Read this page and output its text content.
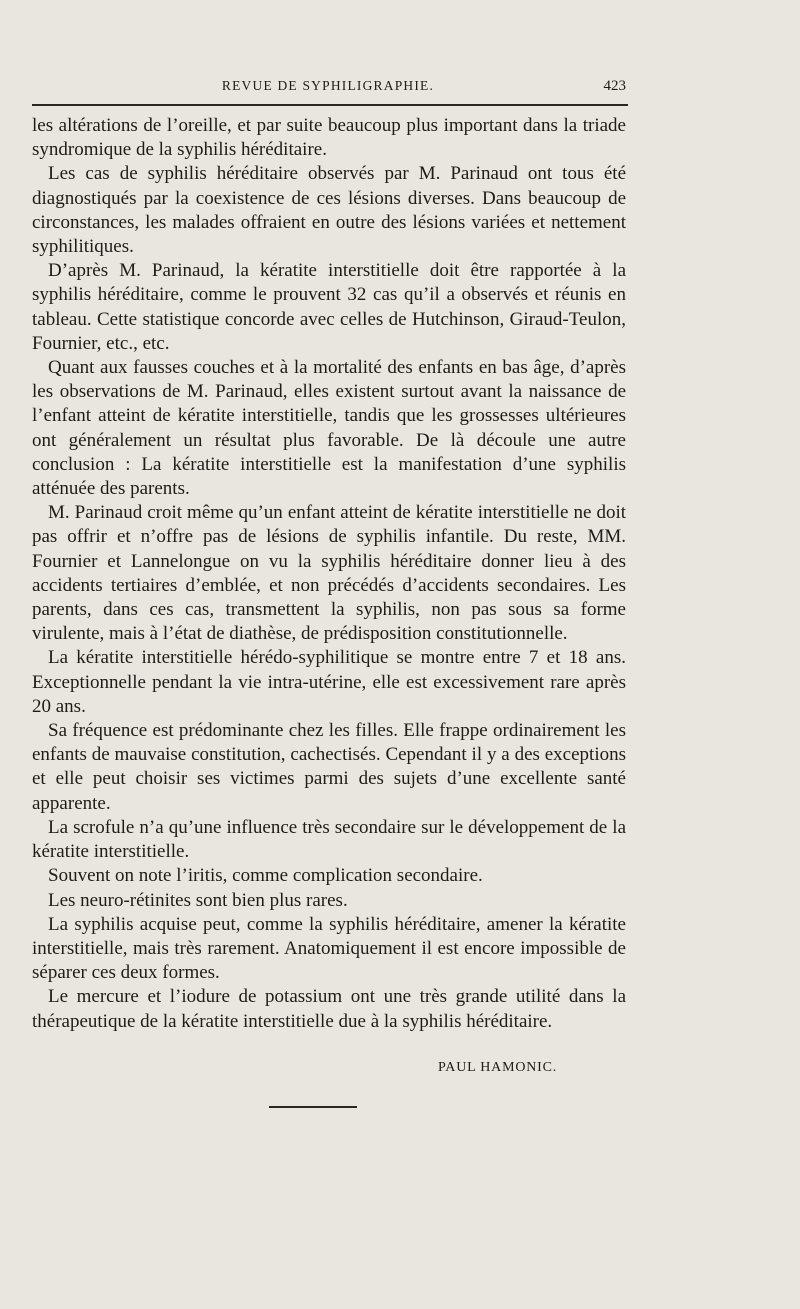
REVUE DE SYPHILIGRAPHIE.	423

les altérations de l’oreille, et par suite beaucoup plus important dans la triade syndromique de la syphilis héréditaire.

Les cas de syphilis héréditaire observés par M. Parinaud ont tous été diagnostiqués par la coexistence de ces lésions diverses. Dans beaucoup de circonstances, les malades offraient en outre des lésions variées et nettement syphilitiques.

D’après M. Parinaud, la kératite interstitielle doit être rapportée à la syphilis héréditaire, comme le prouvent 32 cas qu’il a observés et réunis en tableau. Cette statistique concorde avec celles de Hutchinson, Giraud-Teulon, Fournier, etc., etc.

Quant aux fausses couches et à la mortalité des enfants en bas âge, d’après les observations de M. Parinaud, elles existent surtout avant la naissance de l’enfant atteint de kératite interstitielle, tandis que les grossesses ultérieures ont généralement un résultat plus favorable. De là découle une autre conclusion : La kératite interstitielle est la manifestation d’une syphilis atténuée des parents.

M. Parinaud croit même qu’un enfant atteint de kératite interstitielle ne doit pas offrir et n’offre pas de lésions de syphilis infantile. Du reste, MM. Fournier et Lannelongue on vu la syphilis héréditaire donner lieu à des accidents tertiaires d’emblée, et non précédés d’accidents secondaires. Les parents, dans ces cas, transmettent la syphilis, non pas sous sa forme virulente, mais à l’état de diathèse, de prédisposition constitutionnelle.

La kératite interstitielle hérédo-syphilitique se montre entre 7 et 18 ans. Exceptionnelle pendant la vie intra-utérine, elle est excessivement rare après 20 ans.

Sa fréquence est prédominante chez les filles. Elle frappe ordinairement les enfants de mauvaise constitution, cachectisés. Cependant il y a des exceptions et elle peut choisir ses victimes parmi des sujets d’une excellente santé apparente.

La scrofule n’a qu’une influence très secondaire sur le développement de la kératite interstitielle.

Souvent on note l’iritis, comme complication secondaire.

Les neuro-rétinites sont bien plus rares.

La syphilis acquise peut, comme la syphilis héréditaire, amener la kératite interstitielle, mais très rarement. Anatomiquement il est encore impossible de séparer ces deux formes.

Le mercure et l’iodure de potassium ont une très grande utilité dans la thérapeutique de la kératite interstitielle due à la syphilis héréditaire.

PAUL HAMONIC.
